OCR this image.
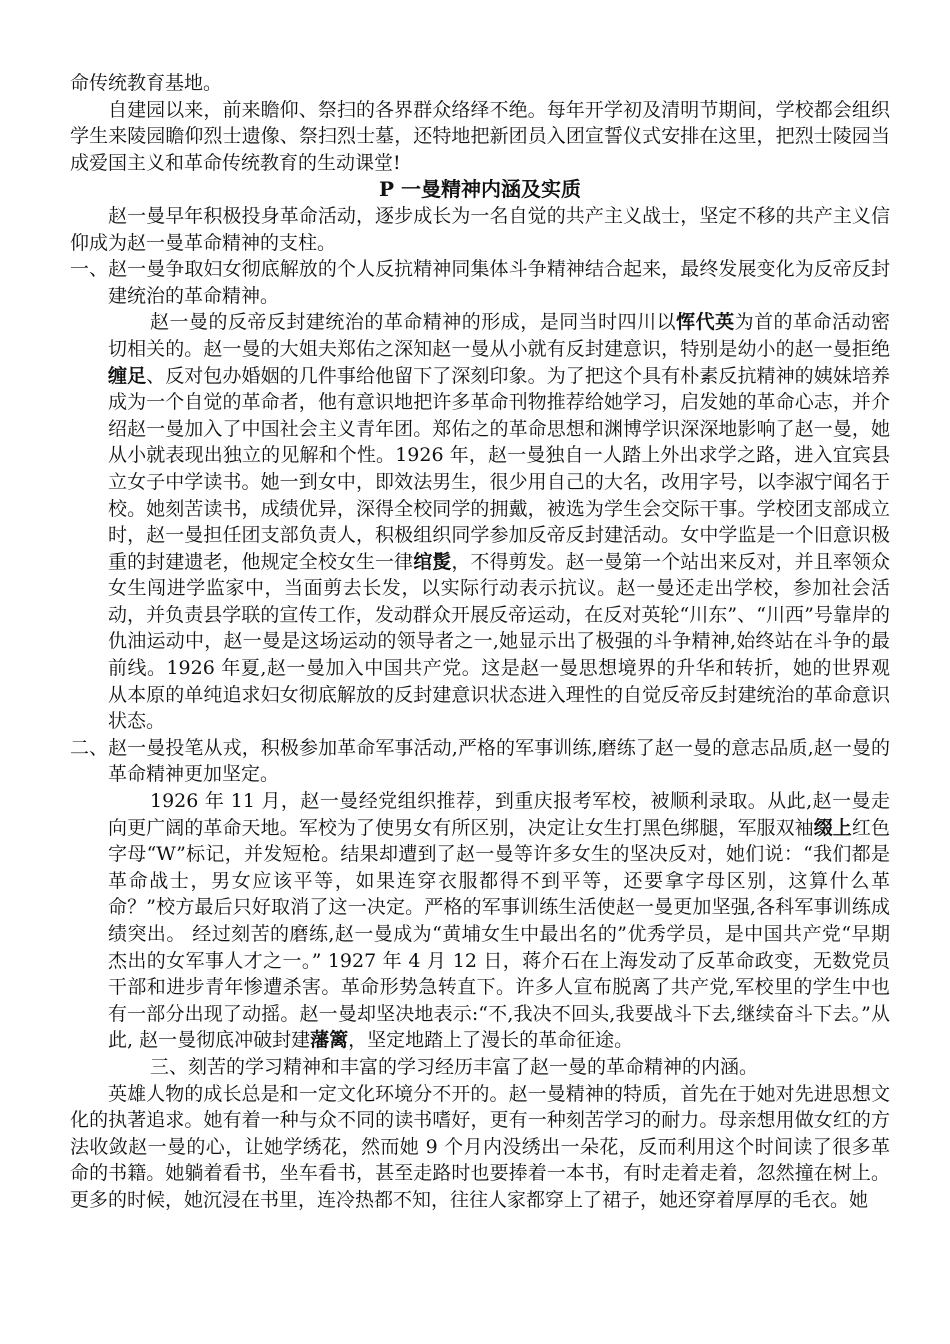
命传统教育基地。

自建园以来，前来瞻仰、祭扫的各界群众络绎不绝。每年开学初及清明节期间，学校都会组织学生来陵园瞻仰烈士遗像、祭扫烈士墓，还特地把新团员入团宣誓仪式安排在这里，把烈士陵园当成爱国主义和革命传统教育的生动课堂!

P 一曼精神内涵及实质

赵一曼早年积极投身革命活动，逐步成长为一名自觉的共产主义战士，坚定不移的共产主义信仰成为赵一曼革命精神的支柱。

一、赵一曼争取妇女彻底解放的个人反抗精神同集体斗争精神结合起来，最终发展变化为反帝反封建统治的革命精神。

赵一曼的反帝反封建统治的革命精神的形成，是同当时四川以恽代英为首的革命活动密切相关的。赵一曼的大姐夫郑佑之深知赵一曼从小就有反封建意识，特别是幼小的赵一曼拒绝缠足、反对包办婚姻的几件事给他留下了深刻印象。为了把这个具有朴素反抗精神的姨妹培养成为一个自觉的革命者，他有意识地把许多革命刊物推荐给她学习，启发她的革命心志，并介绍赵一曼加入了中国社会主义青年团。郑佑之的革命思想和渊博学识深深地影响了赵一曼，她从小就表现出独立的见解和个性。1926 年，赵一曼独自一人踏上外出求学之路，进入宜宾县立女子中学读书。她一到女中，即效法男生，很少用自己的大名，改用字号，以李淑宁闻名于校。她刻苦读书，成绩优异，深得全校同学的拥戴，被选为学生会交际干事。学校团支部成立时，赵一曼担任团支部负责人，积极组织同学参加反帝反封建活动。女中学监是一个旧意识极重的封建遗老，他规定全校女生一律绾髲，不得剪发。赵一曼第一个站出来反对，并且率领众女生闯进学监家中，当面剪去长发，以实际行动表示抗议。赵一曼还走出学校，参加社会活动，并负责县学联的宣传工作，发动群众开展反帝运动，在反对英轮“川东”、“川西”号靠岸的仇油运动中，赵一曼是这场运动的领导者之一,她显示出了极强的斗争精神,始终站在斗争的最前线。1926 年夏,赵一曼加入中国共产党。这是赵一曼思想境界的升华和转折，她的世界观从本原的单纯追求妇女彻底解放的反封建意识状态进入理性的自觉反帝反封建统治的革命意识状态。

二、赵一曼投笔从戎，积极参加革命军事活动,严格的军事训练,磨练了赵一曼的意志品质,赵一曼的革命精神更加坚定。

1926 年 11 月，赵一曼经党组织推荐，到重庆报考军校，被顺利录取。从此,赵一曼走向更广阔的革命天地。军校为了使男女有所区别，决定让女生打黑色绑腿，军服双袖缀上红色字母“W”标记，并发短枪。结果却遭到了赵一曼等许多女生的坚决反对，她们说：“我们都是革命战士，男女应该平等，如果连穿衣服都得不到平等，还要拿字母区别，这算什么革命？”校方最后只好取消了这一决定。严格的军事训练生活使赵一曼更加坚强,各科军事训练成绩突出。 经过刻苦的磨练,赵一曼成为“黄埔女生中最出名的”优秀学员，是中国共产党“早期杰出的女军事人才之一。” 1927 年 4 月 12 日，蒋介石在上海发动了反革命政变，无数党员干部和进步青年惨遭杀害。革命形势急转直下。许多人宣布脱离了共产党,军校里的学生中也有一部分出现了动摇。赵一曼却坚决地表示:“不,我决不回头,我要战斗下去,继续奋斗下去。”从此, 赵一曼彻底冲破封建藩篱，坚定地踏上了漫长的革命征途。

三、刻苦的学习精神和丰富的学习经历丰富了赵一曼的革命精神的内涵。

英雄人物的成长总是和一定文化环境分不开的。赵一曼精神的特质，首先在于她对先进思想文化的执著追求。她有着一种与众不同的读书嗜好，更有一种刻苦学习的耐力。母亲想用做女红的方法收敛赵一曼的心，让她学绣花，然而她 9 个月内没绣出一朵花，反而利用这个时间读了很多革命的书籍。她躺着看书，坐车看书，甚至走路时也要捧着一本书，有时走着走着，忽然撞在树上。更多的时候，她沉浸在书里，连冷热都不知，往往人家都穿上了裙子，她还穿着厚厚的毛衣。她
